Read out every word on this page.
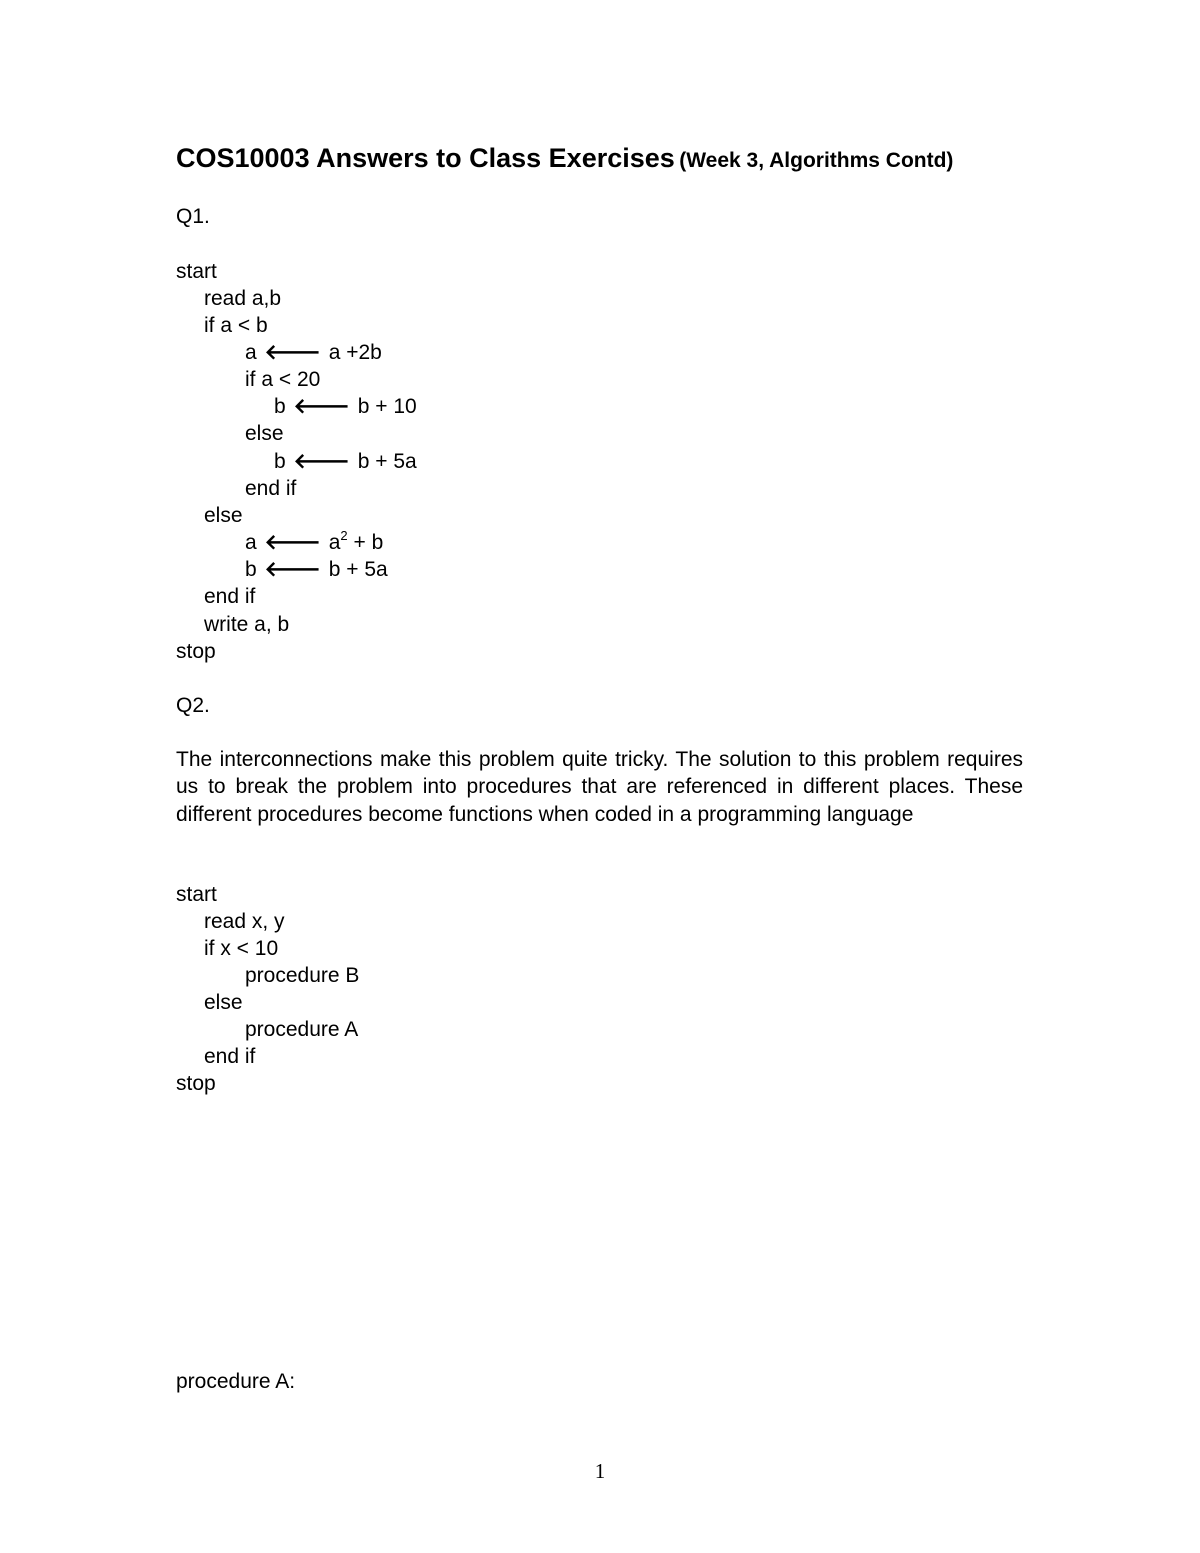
COS10003 Answers to Class Exercises (Week 3, Algorithms Contd)
Q1.
start
read a,b
if a < b
a 🡐 a +2b
if a < 20
b 🡐 b + 10
else
b 🡐 b + 5a
end if
else
a 🡐 $a^2 + b$
b 🡐 b + 5a
end if
write a, b
stop
Q2.
The interconnections make this problem quite tricky. The solution to this problem requires us to break the problem into procedures that are referenced in different places. These different procedures become functions when coded in a programming language
start
read x, y
if x < 10
procedure B
else
procedure A
end if
stop
procedure A:
1
